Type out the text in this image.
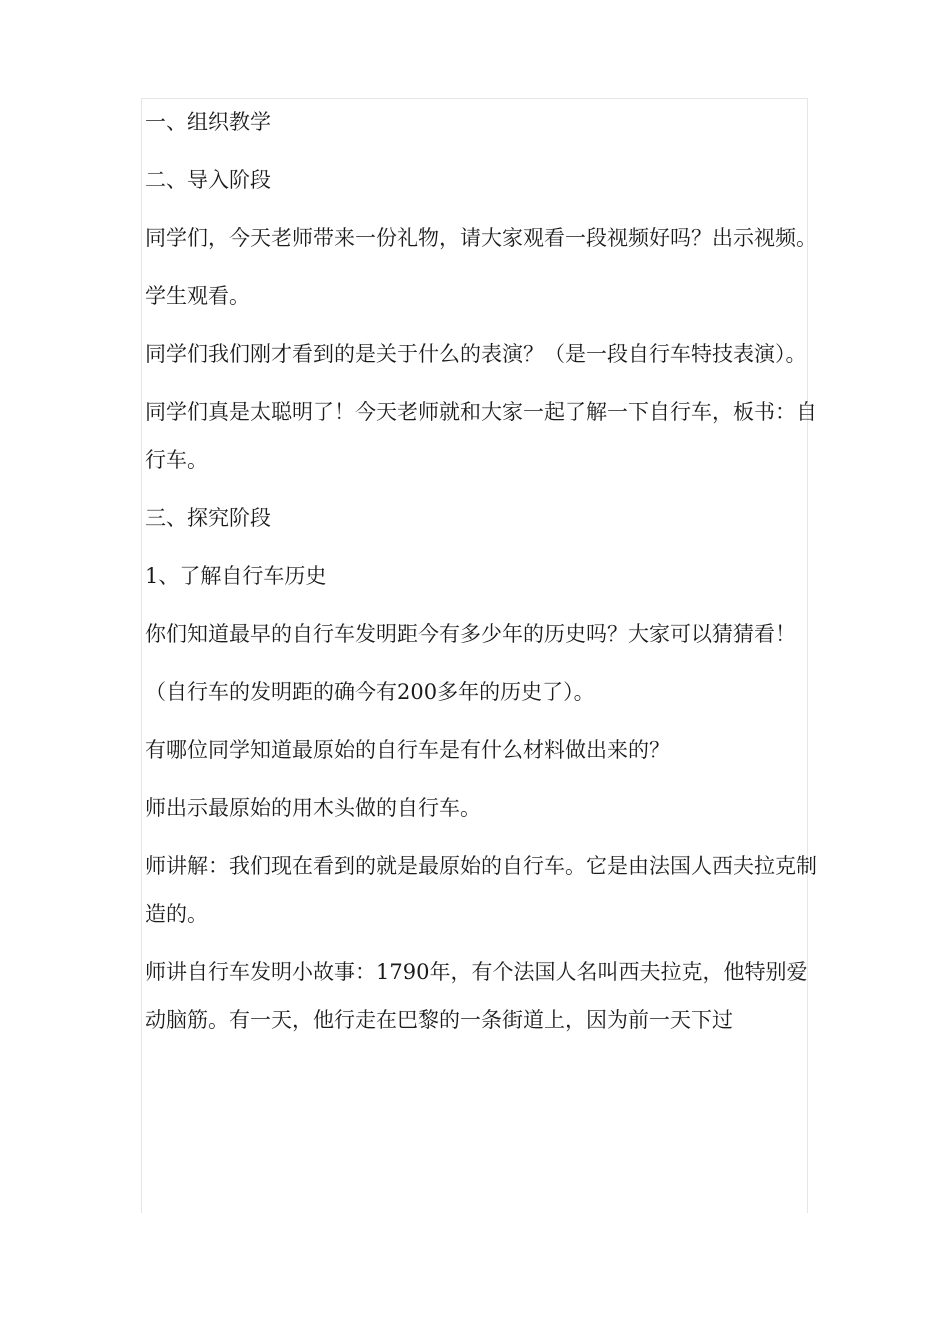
一、组织教学

二、导入阶段

同学们，今天老师带来一份礼物，请大家观看一段视频好吗？出示视频。

学生观看。

同学们我们刚才看到的是关于什么的表演？（是一段自行车特技表演）。

同学们真是太聪明了！今天老师就和大家一起了解一下自行车，板书：自行车。

三、探究阶段

1、了解自行车历史

你们知道最早的自行车发明距今有多少年的历史吗？大家可以猜猜看！

（自行车的发明距的确今有200多年的历史了）。

有哪位同学知道最原始的自行车是有什么材料做出来的？

师出示最原始的用木头做的自行车。

师讲解：我们现在看到的就是最原始的自行车。它是由法国人西夫拉克制造的。

师讲自行车发明小故事：1790年，有个法国人名叫西夫拉克，他特别爱动脑筋。有一天，他行走在巴黎的一条街道上，因为前一天下过
